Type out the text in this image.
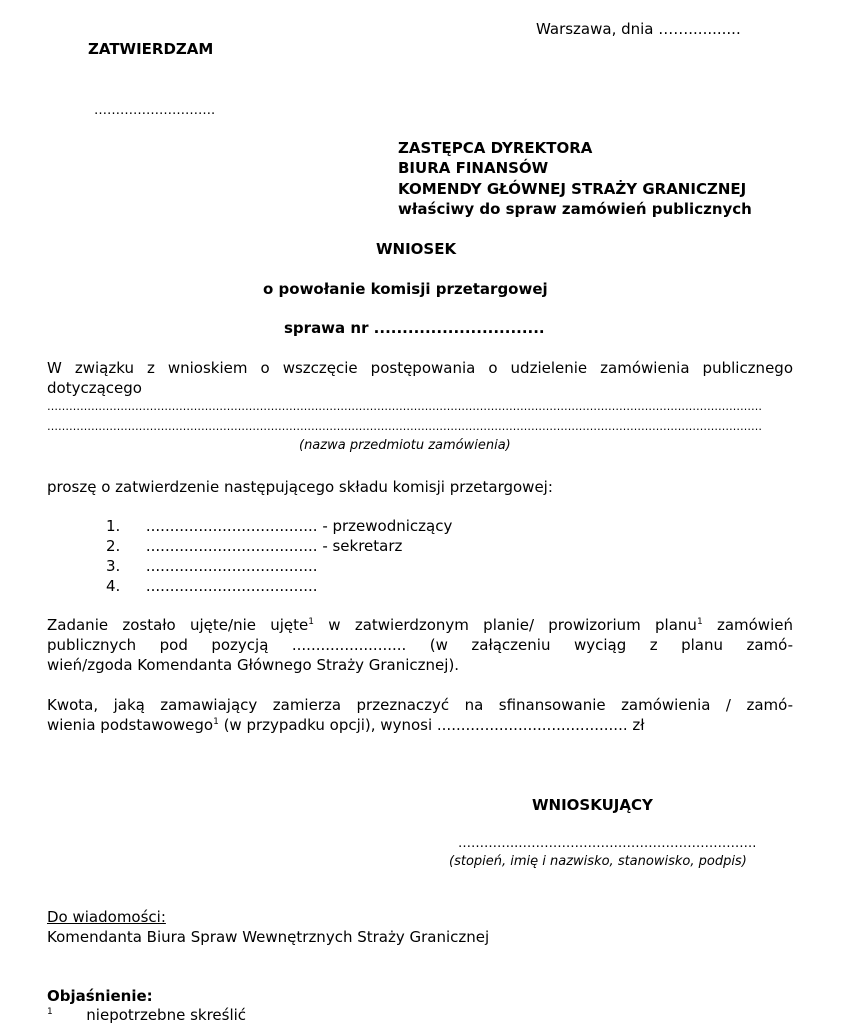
Warszawa, dnia ……...........
ZATWIERDZAM
……………………….
ZASTĘPCA DYREKTORA
BIURA FINANSÓW
KOMENDY GŁÓWNEJ STRAŻY GRANICZNEJ
właściwy do spraw zamówień publicznych
WNIOSEK
o powołanie komisji przetargowej
sprawa nr ..............................
W związku z wnioskiem o wszczęcie postępowania o udzielenie zamówienia publicznego
dotyczącego
……………………………………………………………………………………………………………………………………………………………………………
……………………………………………………………………………………………………………………………………………………………………………
(nazwa przedmiotu zamówienia)
proszę o zatwierdzenie następującego składu komisji przetargowej:
1. .................................... - przewodniczący
2. .................................... - sekretarz
3. ....................................
4. ....................................
Zadanie zostało ujęte/nie ujęte$^1$ w zatwierdzonym planie/ prowizorium planu$^1$ zamówień
publicznych pod pozycją ........................ (w załączeniu wyciąg z planu zamó-
wień/zgoda Komendanta Głównego Straży Granicznej).
Kwota, jaką zamawiający zamierza przeznaczyć na sfinansowanie zamówienia / zamó-
wienia podstawowego$^1$ (w przypadku opcji), wynosi ........................................ zł
WNIOSKUJĄCY
…………..……………………………………………….
(stopień, imię i nazwisko, stanowisko, podpis)
Do wiadomości:
Komendanta Biura Spraw Wewnętrznych Straży Granicznej
Objaśnienie:
$^1$ niepotrzebne skreślić
